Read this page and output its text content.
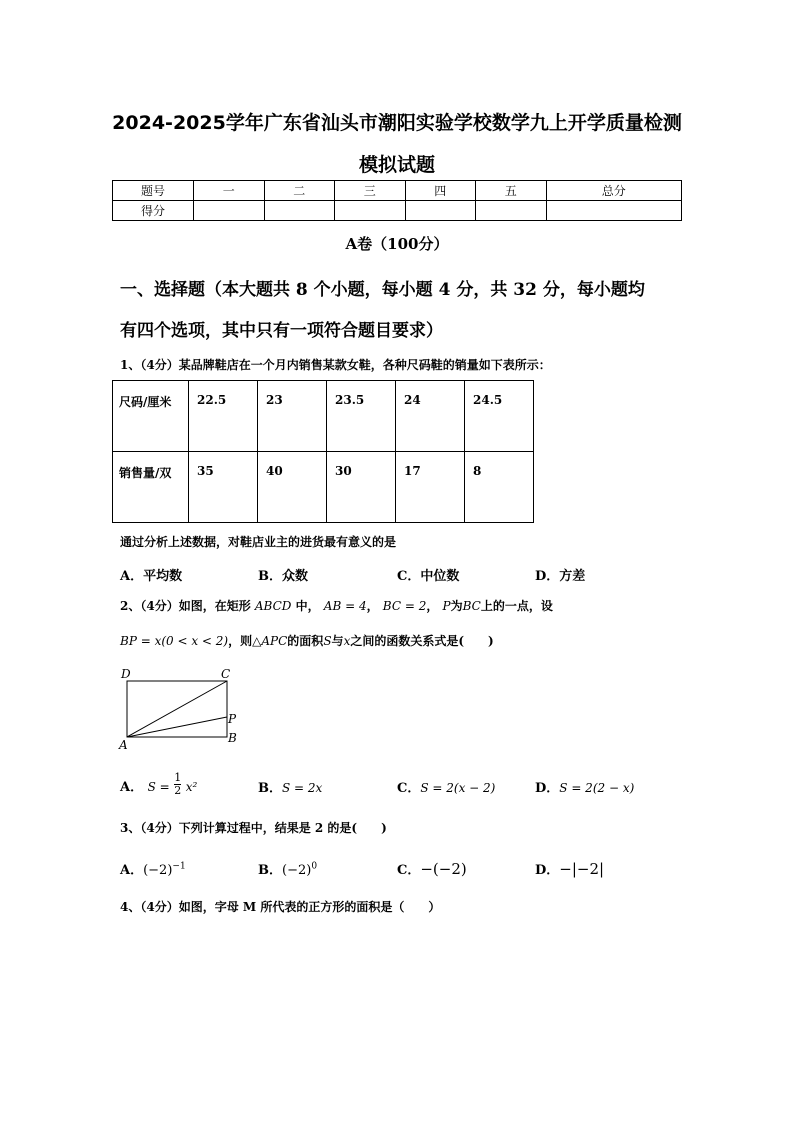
2024-2025学年广东省汕头市潮阳实验学校数学九上开学质量检测
模拟试题
题号	一	二	三	四	五	总分
得分						
A卷（100分）
一、选择题（本大题共 8 个小题，每小题 4 分，共 32 分，每小题均
有四个选项，其中只有一项符合题目要求）
1、（4分）某品牌鞋店在一个月内销售某款女鞋，各种尺码鞋的销量如下表所示：
尺码/厘米	22.5	23	23.5	24	24.5
销售量/双	35	40	30	17	8
通过分析上述数据，对鞋店业主的进货最有意义的是
A．平均数	B．众数	C．中位数	D．方差
2、（4分）如图，在矩形 ABCD 中， AB = 4， BC = 2， P为BC上的一点，设
BP = x(0 < x < 2)，则△APC的面积S与x之间的函数关系式是(　　)
D	C
P
A	B
A． $S = \frac{1}{2} x^2$	B．S = 2x	C．S = 2(x − 2)	D．S = 2(2 − x)
3、（4分）下列计算过程中，结果是 2 的是(　　)
A．$(-2)^{-1}$	B．$(-2)^0$	C．−(−2)	D．−|−2|
4、（4分）如图，字母 M 所代表的正方形的面积是（　　）
